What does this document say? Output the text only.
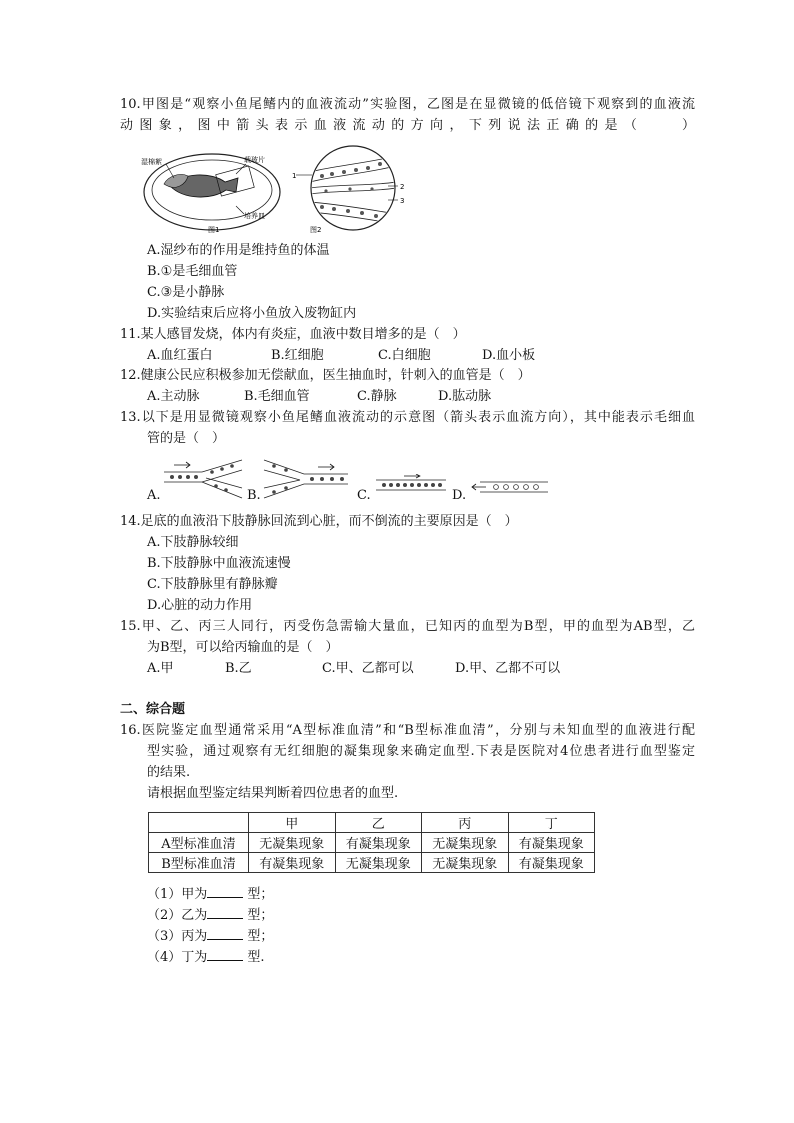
10.甲图是“观察小鱼尾鳍内的血液流动”实验图，乙图是在显微镜的低倍镜下观察到的血液流
动图象，图中箭头表示血液流动的方向，下列说法正确的是（　　）
湿棉絮	载玻片
培养皿
图1
1
2
3
图2
A.湿纱布的作用是维持鱼的体温
B.①是毛细血管
C.③是小静脉
D.实验结束后应将小鱼放入废物缸内
11.某人感冒发烧，体内有炎症，血液中数目增多的是（　）
A.血红蛋白	B.红细胞	C.白细胞	D.血小板
12.健康公民应积极参加无偿献血，医生抽血时，针刺入的血管是（　）
A.主动脉	B.毛细血管	C.静脉	D.肱动脉
13.以下是用显微镜观察小鱼尾鳍血液流动的示意图（箭头表示血流方向），其中能表示毛细血
管的是（　）
A.	B.	C.	D.
14.足底的血液沿下肢静脉回流到心脏，而不倒流的主要原因是（　）
A.下肢静脉较细
B.下肢静脉中血液流速慢
C.下肢静脉里有静脉瓣
D.心脏的动力作用
15.甲、乙、丙三人同行，丙受伤急需输大量血，已知丙的血型为B型，甲的血型为AB型，乙
为B型，可以给丙输血的是（　）
A.甲	B.乙	C.甲、乙都可以	D.甲、乙都不可以
二、综合题
16.医院鉴定血型通常采用“A型标准血清”和“B型标准血清”，分别与未知血型的血液进行配
型实验，通过观察有无红细胞的凝集现象来确定血型.下表是医院对4位患者进行血型鉴定
的结果.
请根据血型鉴定结果判断着四位患者的血型.
	甲	乙	丙	丁
A型标准血清	无凝集现象	有凝集现象	无凝集现象	有凝集现象
B型标准血清	有凝集现象	无凝集现象	无凝集现象	有凝集现象
（1）甲为	型；
（2）乙为	型；
（3）丙为	型；
（4）丁为	型.
